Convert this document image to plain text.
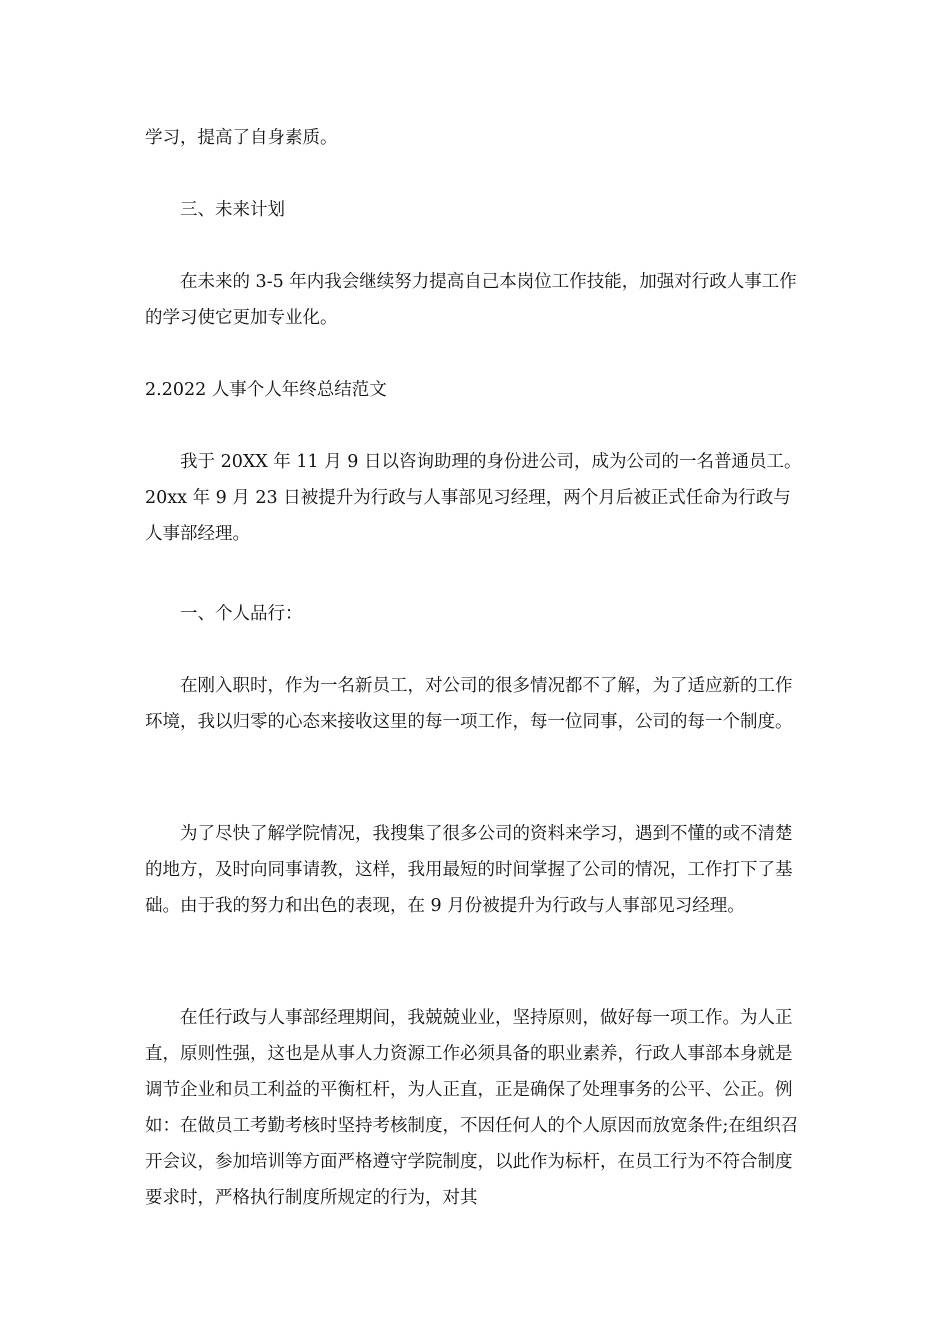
学习，提高了自身素质。

三、未来计划

在未来的 3-5 年内我会继续努力提高自己本岗位工作技能，加强对行政人事工作的学习使它更加专业化。

2.2022 人事个人年终总结范文

我于 20XX 年 11 月 9 日以咨询助理的身份进公司，成为公司的一名普通员工。20xx 年 9 月 23 日被提升为行政与人事部见习经理，两个月后被正式任命为行政与人事部经理。

一、个人品行：

在刚入职时，作为一名新员工，对公司的很多情况都不了解，为了适应新的工作环境，我以归零的心态来接收这里的每一项工作，每一位同事，公司的每一个制度。

为了尽快了解学院情况，我搜集了很多公司的资料来学习，遇到不懂的或不清楚的地方，及时向同事请教，这样，我用最短的时间掌握了公司的情况，工作打下了基础。由于我的努力和出色的表现，在 9 月份被提升为行政与人事部见习经理。

在任行政与人事部经理期间，我兢兢业业，坚持原则，做好每一项工作。为人正直，原则性强，这也是从事人力资源工作必须具备的职业素养，行政人事部本身就是调节企业和员工利益的平衡杠杆，为人正直，正是确保了处理事务的公平、公正。例如：在做员工考勤考核时坚持考核制度，不因任何人的个人原因而放宽条件;在组织召开会议，参加培训等方面严格遵守学院制度，以此作为标杆，在员工行为不符合制度要求时，严格执行制度所规定的行为，对其
